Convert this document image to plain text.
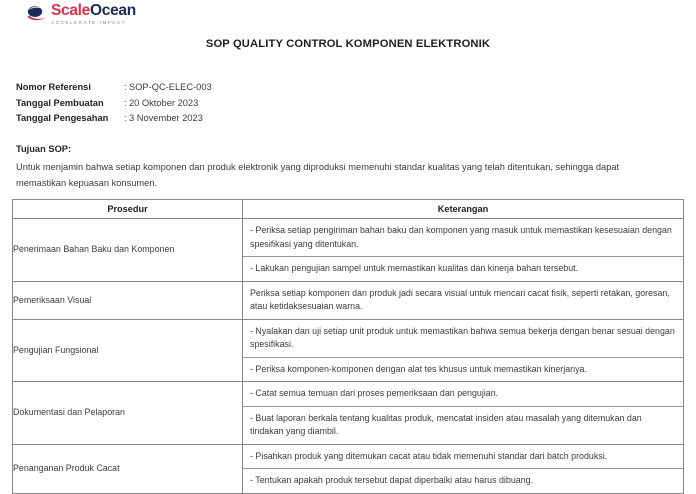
ScaleOcean
ACCELERATE IMPACT
SOP QUALITY CONTROL KOMPONEN ELEKTRONIK
Nomor Referensi	: SOP-QC-ELEC-003
Tanggal Pembuatan	: 20 Oktober 2023
Tanggal Pengesahan	: 3 November 2023
Tujuan SOP:
Untuk menjamin bahwa setiap komponen dan produk elektronik yang diproduksi memenuhi standar kualitas yang telah ditentukan, sehingga dapat memastikan kepuasan konsumen.
Prosedur	Keterangan
Penerimaan Bahan Baku dan Komponen	- Periksa setiap pengiriman bahan baku dan komponen yang masuk untuk memastikan kesesuaian dengan spesifikasi yang ditentukan.
- Lakukan pengujian sampel untuk memastikan kualitas dan kinerja bahan tersebut.

Pemeriksaan Visual	Periksa setiap komponen dan produk jadi secara visual untuk mencari cacat fisik, seperti retakan, goresan, atau ketidaksesuaian warna.

Pengujian Fungsional	- Nyalakan dan uji setiap unit produk untuk memastikan bahwa semua bekerja dengan benar sesuai dengan spesifikasi.
- Periksa komponen-komponen dengan alat tes khusus untuk memastikan kinerjanya.

Dokumentasi dan Pelaporan	- Catat semua temuan dari proses pemeriksaan dan pengujian.
- Buat laporan berkala tentang kualitas produk, mencatat insiden atau masalah yang ditemukan dan tindakan yang diambil.

Penanganan Produk Cacat	- Pisahkan produk yang ditemukan cacat atau tidak memenuhi standar dari batch produksi.
- Tentukan apakah produk tersebut dapat diperbaiki atau harus dibuang.
